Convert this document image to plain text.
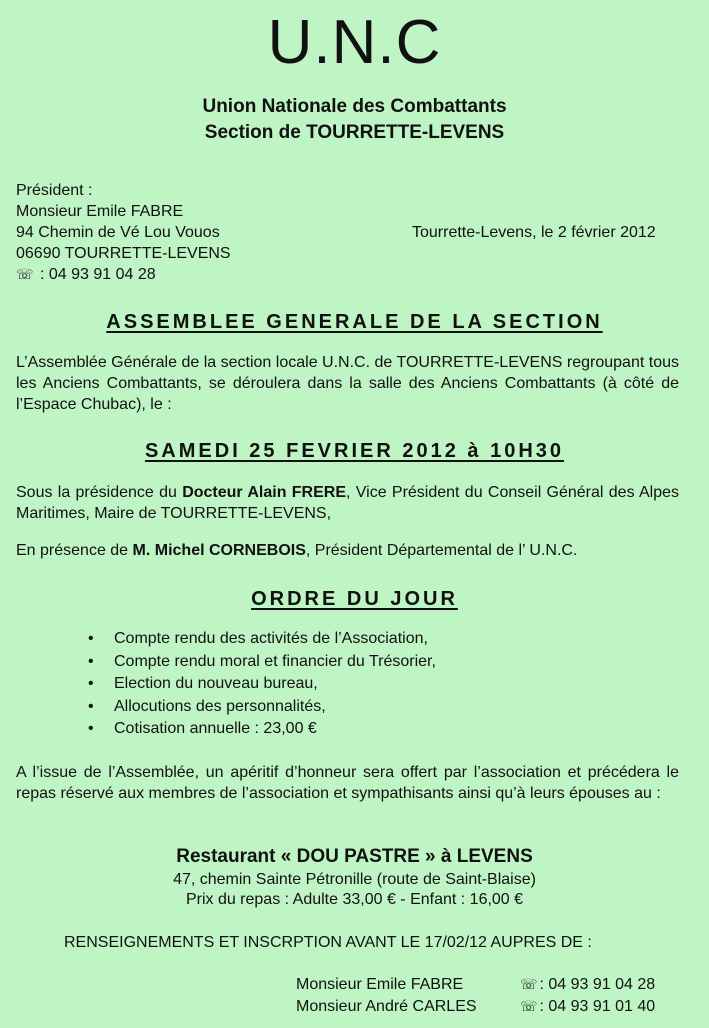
U.N.C
Union Nationale des Combattants
Section de TOURRETTE-LEVENS
Président :
Monsieur Emile FABRE
94 Chemin de Vé Lou Vouos
06690 TOURRETTE-LEVENS
☏ : 04 93 91 04 28
Tourrette-Levens, le 2 février 2012
ASSEMBLEE GENERALE DE LA SECTION

L’Assemblée Générale de la section locale U.N.C. de TOURRETTE-LEVENS regroupant tous les Anciens Combattants, se déroulera dans la salle des Anciens Combattants (à côté de l’Espace Chubac), le :

SAMEDI 25 FEVRIER 2012 à 10H30

Sous la présidence du Docteur Alain FRERE, Vice Président du Conseil Général des Alpes Maritimes, Maire de TOURRETTE-LEVENS,

En présence de M. Michel CORNEBOIS, Président Départemental de l’ U.N.C.

ORDRE DU JOUR
• Compte rendu des activités de l’Association,
• Compte rendu moral et financier du Trésorier,
• Election du nouveau bureau,
• Allocutions des personnalités,
• Cotisation annuelle : 23,00 €

A l’issue de l’Assemblée, un apéritif d’honneur sera offert par l’association et précédera le repas réservé aux membres de l’association et sympathisants ainsi qu’à leurs épouses au :

Restaurant « DOU PASTRE » à LEVENS
47, chemin Sainte Pétronille (route de Saint-Blaise)
Prix du repas : Adulte 33,00 € - Enfant : 16,00 €
RENSEIGNEMENTS ET INSCRPTION AVANT LE 17/02/12 AUPRES DE :
Monsieur Emile FABRE	☏ : 04 93 91 04 28
Monsieur André CARLES	☏ : 04 93 91 01 40
